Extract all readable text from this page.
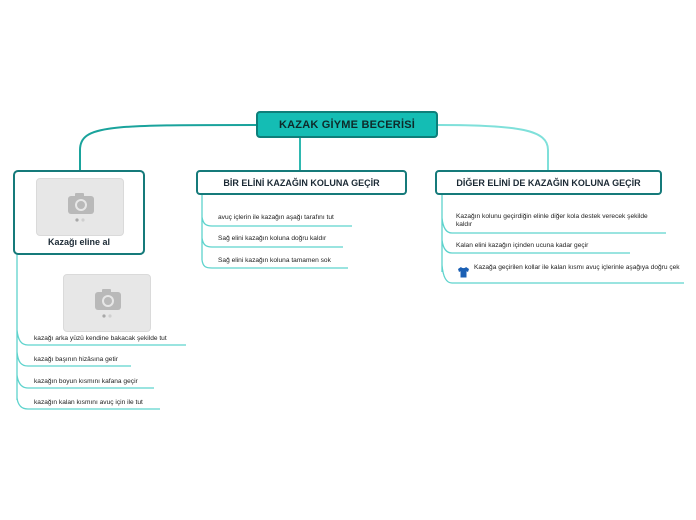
KAZAK GİYME BECERİSİ
Kazağı eline al
kazağı arka yüzü kendine bakacak şekilde tut
kazağı başının hizâsına getir
kazağın boyun kısmını kafana geçir
kazağın kalan kısmını avuç için ile tut
BİR ELİNİ KAZAĞIN KOLUNA GEÇİR
avuç içlerin ile kazağın aşağı tarafını tut
Sağ elini kazağın koluna doğru kaldır
Sağ elini kazağın koluna tamamen sok
DİĞER ELİNİ DE KAZAĞIN KOLUNA GEÇİR
Kazağın kolunu geçirdiğin elinle diğer kola destek verecek şekilde kaldır
Kalan elini kazağın içinden ucuna kadar geçir
Kazağa geçirilen kollar ile kalan kısmı avuç içlerinle aşağıya doğru çek
